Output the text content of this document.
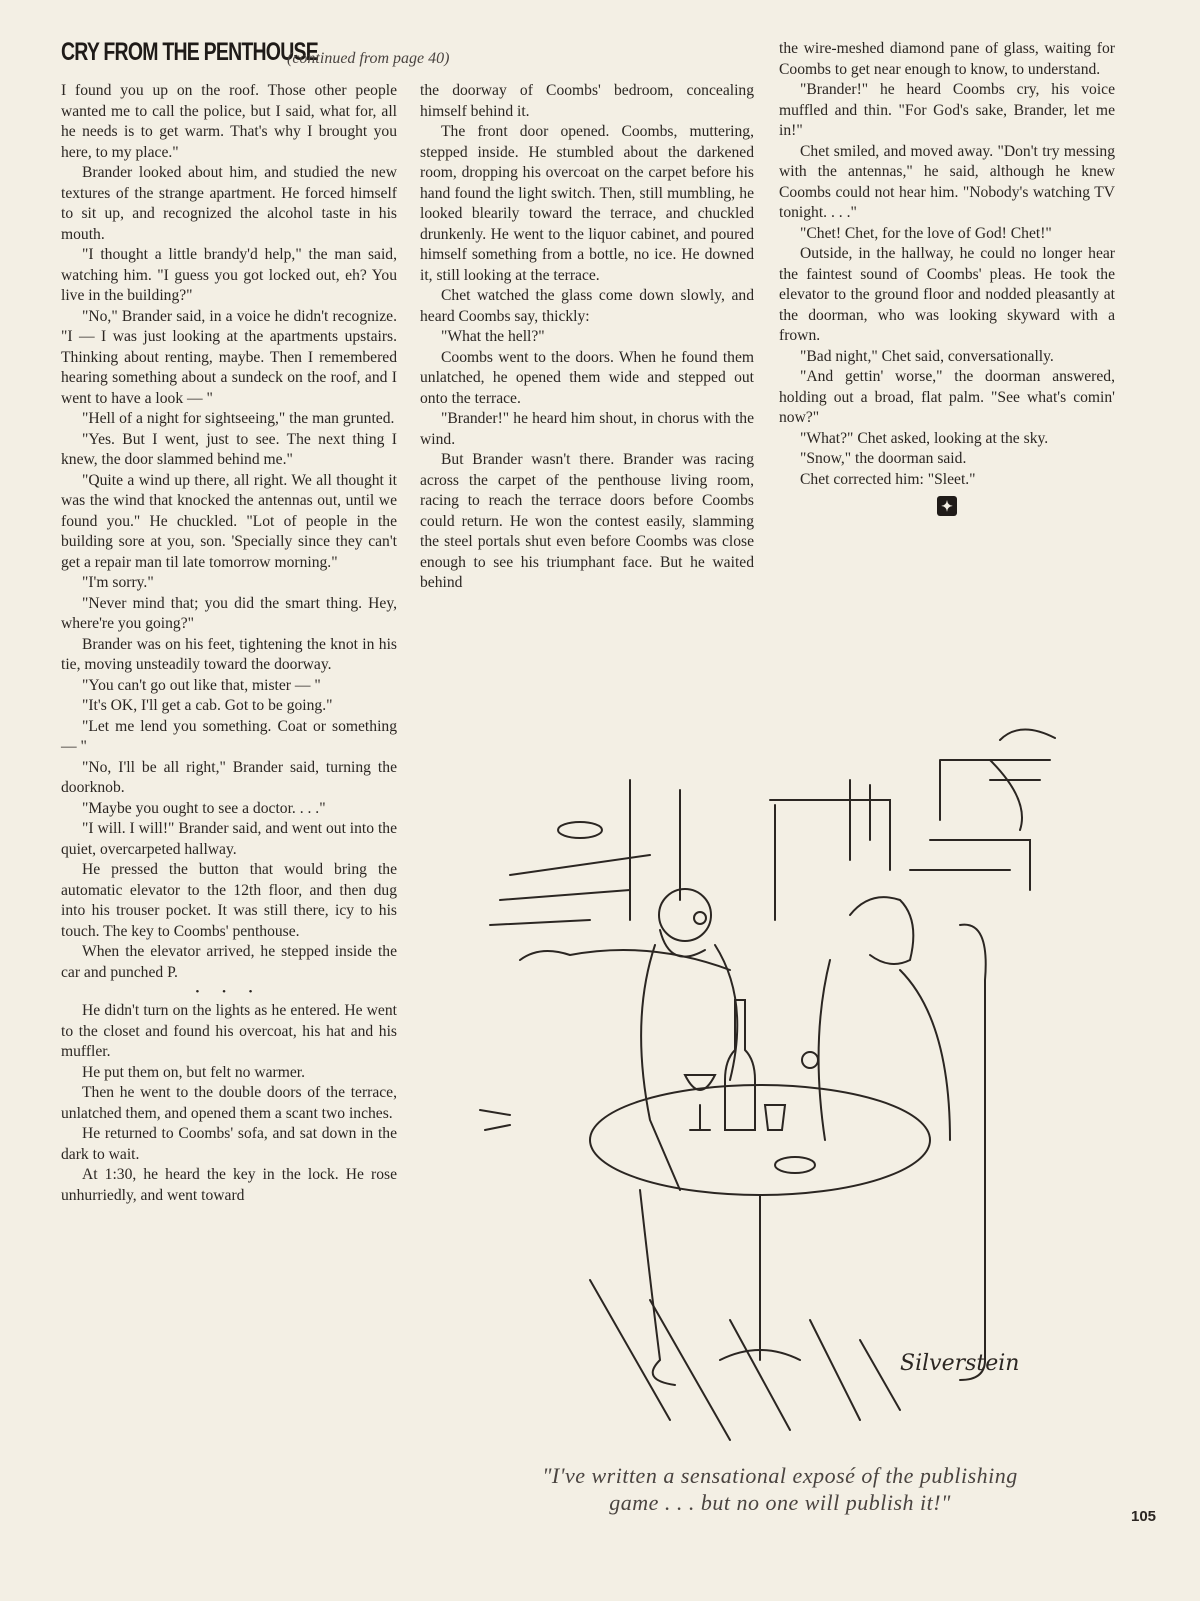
CRY FROM THE PENTHOUSE
(continued from page 40)

I found you up on the roof. Those other people wanted me to call the police, but I said, what for, all he needs is to get warm. That's why I brought you here, to my place."

Brander looked about him, and studied the new textures of the strange apartment. He forced himself to sit up, and recognized the alcohol taste in his mouth.

"I thought a little brandy'd help," the man said, watching him. "I guess you got locked out, eh? You live in the building?"

"No," Brander said, in a voice he didn't recognize. "I — I was just looking at the apartments upstairs. Thinking about renting, maybe. Then I remembered hearing something about a sundeck on the roof, and I went to have a look — "

"Hell of a night for sightseeing," the man grunted.

"Yes. But I went, just to see. The next thing I knew, the door slammed behind me."

"Quite a wind up there, all right. We all thought it was the wind that knocked the antennas out, until we found you." He chuckled. "Lot of people in the building sore at you, son. 'Specially since they can't get a repair man til late tomorrow morning."

"I'm sorry."

"Never mind that; you did the smart thing. Hey, where're you going?"

Brander was on his feet, tightening the knot in his tie, moving unsteadily toward the doorway.

"You can't go out like that, mister — "

"It's OK, I'll get a cab. Got to be going."

"Let me lend you something. Coat or something — "

"No, I'll be all right," Brander said, turning the doorknob.

"Maybe you ought to see a doctor. . . ."

"I will. I will!" Brander said, and went out into the quiet, overcarpeted hallway.

He pressed the button that would bring the automatic elevator to the 12th floor, and then dug into his trouser pocket. It was still there, icy to his touch. The key to Coombs' penthouse.

When the elevator arrived, he stepped inside the car and punched P.

• • •

He didn't turn on the lights as he entered. He went to the closet and found his overcoat, his hat and his muffler.

He put them on, but felt no warmer.

Then he went to the double doors of the terrace, unlatched them, and opened them a scant two inches.

He returned to Coombs' sofa, and sat down in the dark to wait.

At 1:30, he heard the key in the lock. He rose unhurriedly, and went toward

the doorway of Coombs' bedroom, concealing himself behind it.

The front door opened. Coombs, muttering, stepped inside. He stumbled about the darkened room, dropping his overcoat on the carpet before his hand found the light switch. Then, still mumbling, he looked blearily toward the terrace, and chuckled drunkenly. He went to the liquor cabinet, and poured himself something from a bottle, no ice. He downed it, still looking at the terrace.

Chet watched the glass come down slowly, and heard Coombs say, thickly:

"What the hell?"

Coombs went to the doors. When he found them unlatched, he opened them wide and stepped out onto the terrace.

"Brander!" he heard him shout, in chorus with the wind.

But Brander wasn't there. Brander was racing across the carpet of the penthouse living room, racing to reach the terrace doors before Coombs could return. He won the contest easily, slamming the steel portals shut even before Coombs was close enough to see his triumphant face. But he waited behind

the wire-meshed diamond pane of glass, waiting for Coombs to get near enough to know, to understand.

"Brander!" he heard Coombs cry, his voice muffled and thin. "For God's sake, Brander, let me in!"

Chet smiled, and moved away. "Don't try messing with the antennas," he said, although he knew Coombs could not hear him. "Nobody's watching TV tonight. . . ."

"Chet! Chet, for the love of God! Chet!"

Outside, in the hallway, he could no longer hear the faintest sound of Coombs' pleas. He took the elevator to the ground floor and nodded pleasantly at the doorman, who was looking skyward with a frown.

"Bad night," Chet said, conversationally.

"And gettin' worse," the doorman answered, holding out a broad, flat palm. "See what's comin' now?"

"What?" Chet asked, looking at the sky.

"Snow," the doorman said.

Chet corrected him: "Sleet."

✦
Silverstein
"I've written a sensational exposé of the publishing
game . . . but no one will publish it!"
105
